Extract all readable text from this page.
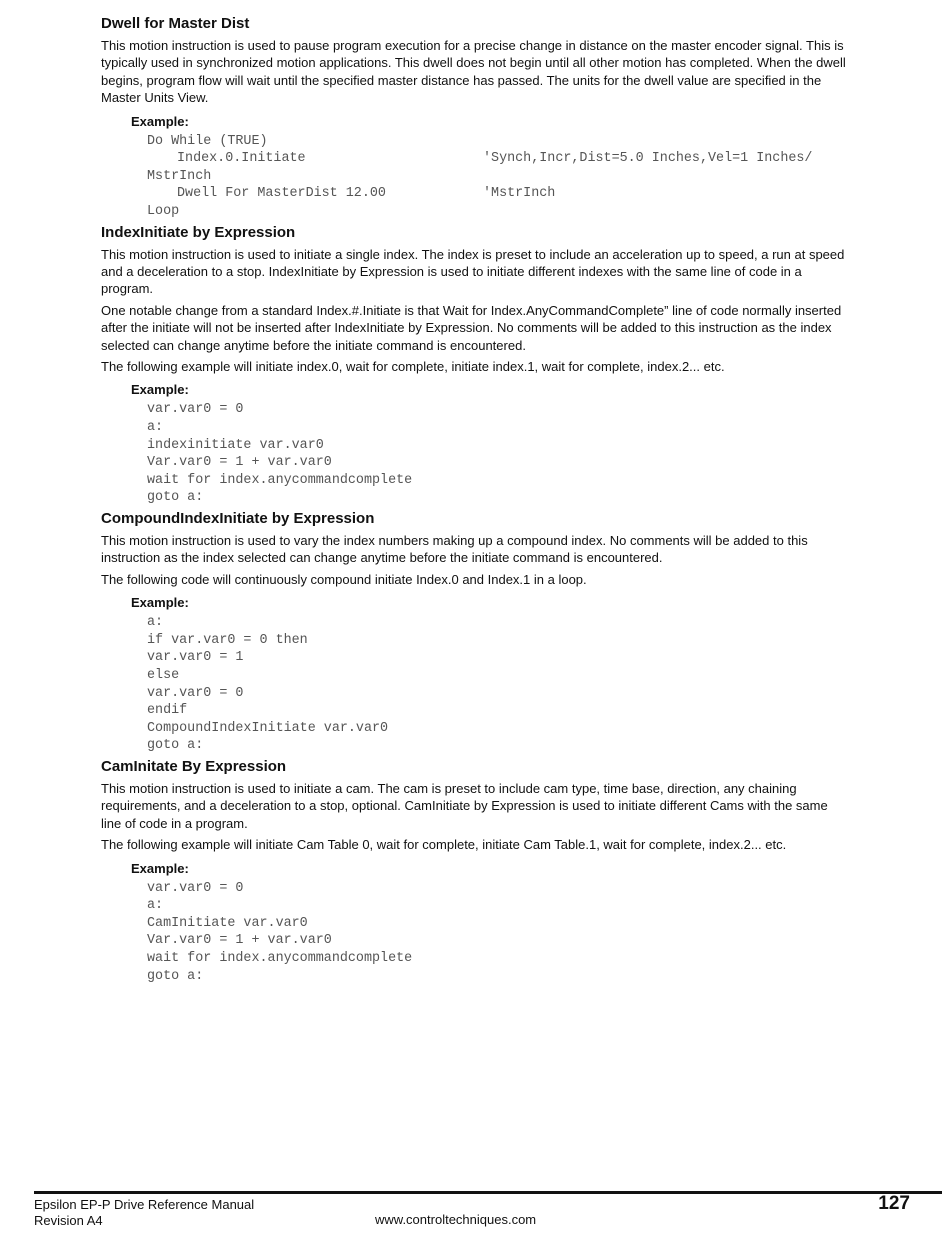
Dwell for Master Dist

This motion instruction is used to pause program execution for a precise change in distance on the master encoder signal. This is typically used in synchronized motion applications. This dwell does not begin until all other motion has completed. When the dwell begins, program flow will wait until the specified master distance has passed. The units for the dwell value are specified in the Master Units View.

Example:
Do While (TRUE)
Index.0.Initiate	'Synch,Incr,Dist=5.0 Inches,Vel=1 Inches/
MstrInch
Dwell For MasterDist 12.00	'MstrInch
Loop
IndexInitiate by Expression

This motion instruction is used to initiate a single index. The index is preset to include an acceleration up to speed, a run at speed and a deceleration to a stop. IndexInitiate by Expression is used to initiate different indexes with the same line of code in a program.

One notable change from a standard Index.#.Initiate is that Wait for Index.AnyCommandComplete” line of code normally inserted after the initiate will not be inserted after IndexInitiate by Expression. No comments will be added to this instruction as the index selected can change anytime before the initiate command is encountered.

The following example will initiate index.0, wait for complete, initiate index.1, wait for complete, index.2... etc.

Example:
var.var0 = 0
a:
indexinitiate var.var0
Var.var0 = 1 + var.var0
wait for index.anycommandcomplete
goto a:
CompoundIndexInitiate by Expression

This motion instruction is used to vary the index numbers making up a compound index. No comments will be added to this instruction as the index selected can change anytime before the initiate command is encountered.

The following code will continuously compound initiate Index.0 and Index.1 in a loop.

Example:
a:
if var.var0 = 0 then
var.var0 = 1
else
var.var0 = 0
endif
CompoundIndexInitiate var.var0
goto a:
CamInitate By Expression

This motion instruction is used to initiate a cam. The cam is preset to include cam type, time base, direction, any chaining requirements, and a deceleration to a stop, optional. CamInitiate by Expression is used to initiate different Cams with the same line of code in a program.

The following example will initiate Cam Table 0, wait for complete, initiate Cam Table.1, wait for complete, index.2... etc.

Example:
var.var0 = 0
a:
CamInitiate var.var0
Var.var0 = 1 + var.var0
wait for index.anycommandcomplete
goto a:
Epsilon EP-P Drive Reference Manual
Revision A4	www.controltechniques.com
127
